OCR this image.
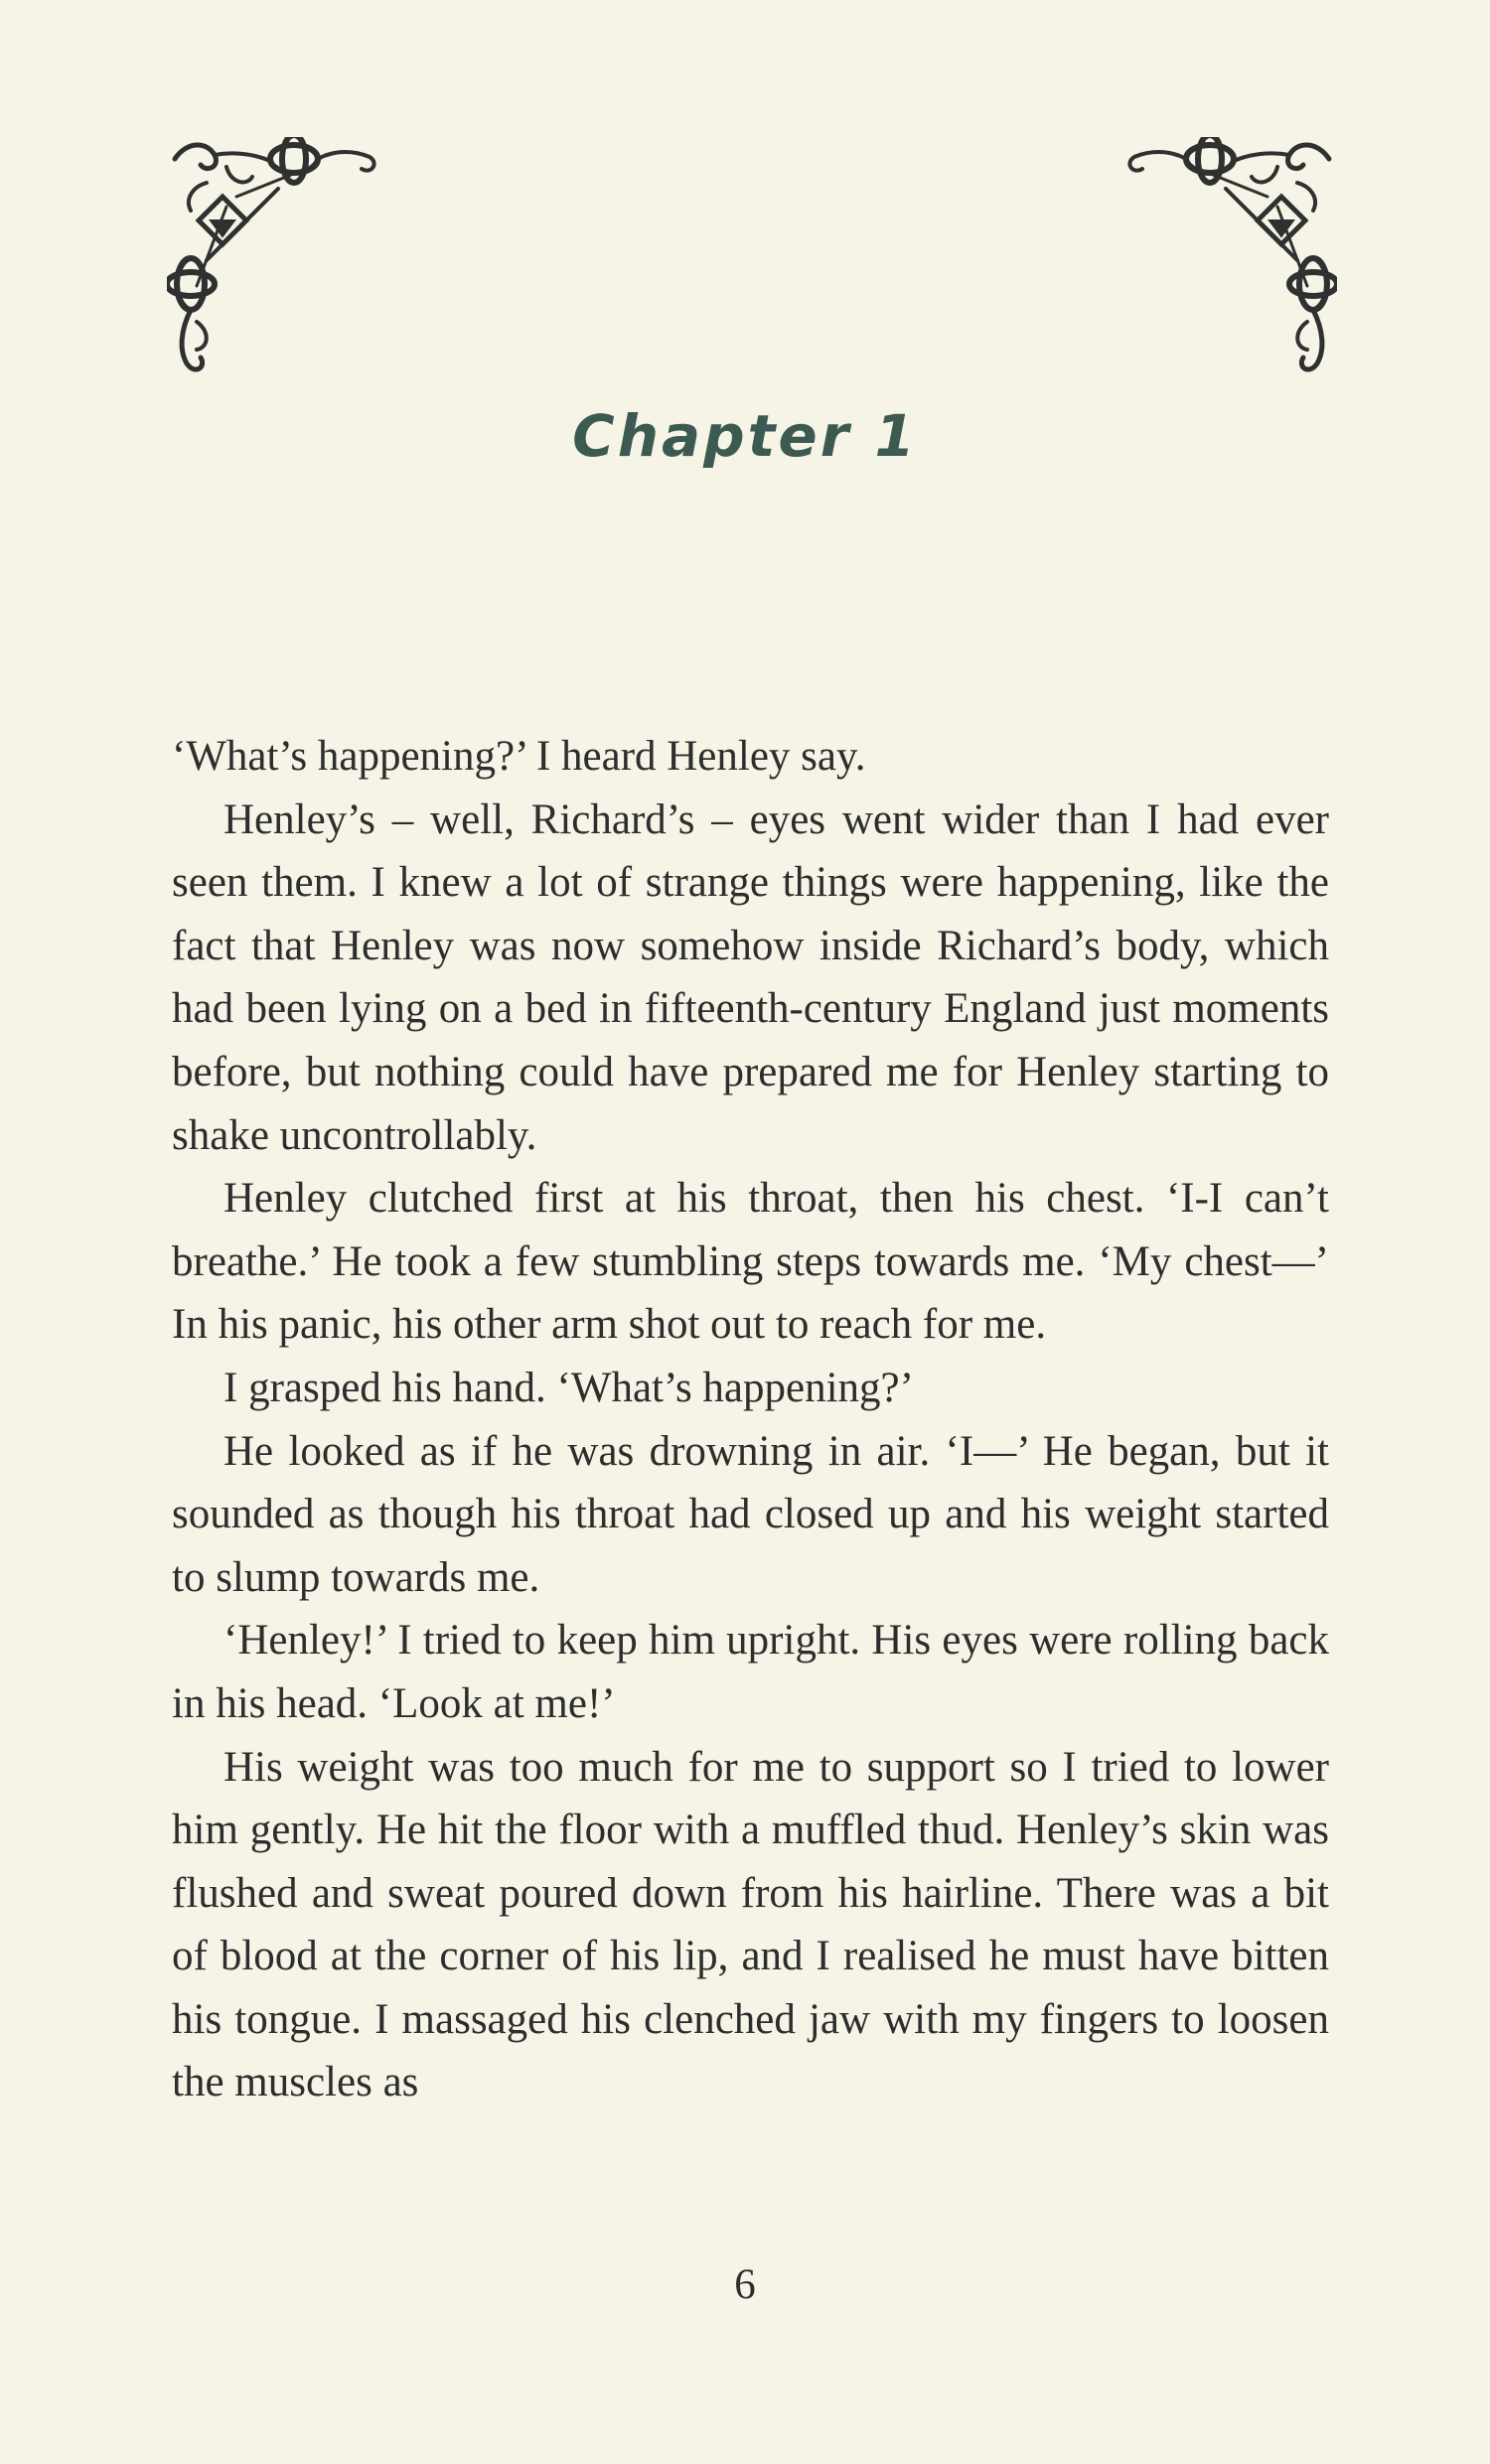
Chapter 1

‘What’s happening?’ I heard Henley say.

Henley’s – well, Richard’s – eyes went wider than I had ever seen them. I knew a lot of strange things were happening, like the fact that Henley was now somehow inside Richard’s body, which had been lying on a bed in fifteenth-century England just moments before, but nothing could have prepared me for Henley starting to shake uncontrollably.

Henley clutched first at his throat, then his chest. ‘I-I can’t breathe.’ He took a few stumbling steps towards me. ‘My chest—’ In his panic, his other arm shot out to reach for me.

I grasped his hand. ‘What’s happening?’

He looked as if he was drowning in air. ‘I—’ He began, but it sounded as though his throat had closed up and his weight started to slump towards me.

‘Henley!’ I tried to keep him upright. His eyes were rolling back in his head. ‘Look at me!’

His weight was too much for me to support so I tried to lower him gently. He hit the floor with a muffled thud. Henley’s skin was flushed and sweat poured down from his hairline. There was a bit of blood at the corner of his lip, and I realised he must have bitten his tongue. I massaged his clenched jaw with my fingers to loosen the muscles as

6
